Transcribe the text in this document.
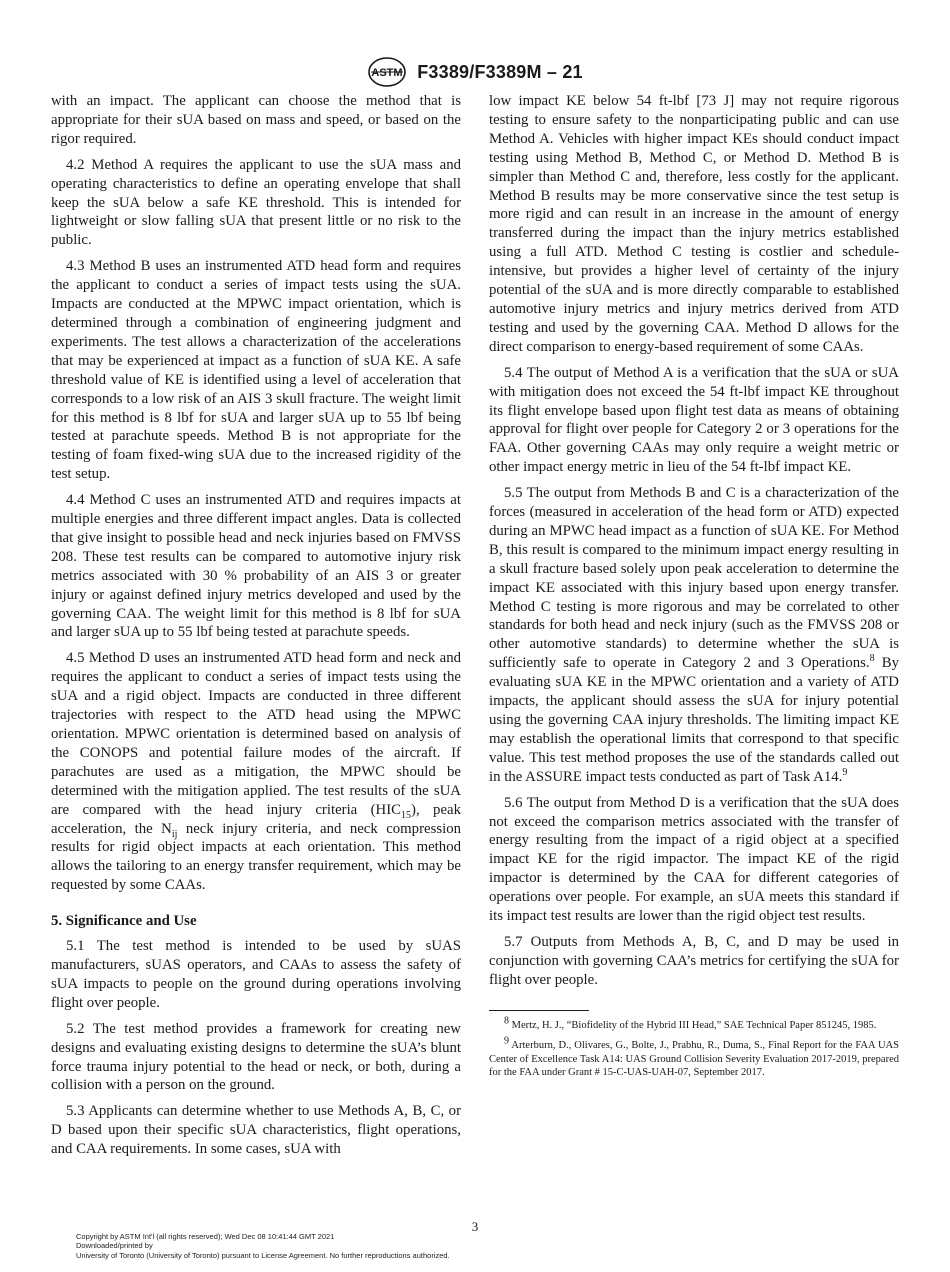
ASTM F3389/F3389M – 21

with an impact. The applicant can choose the method that is appropriate for their sUA based on mass and speed, or based on the rigor required.

4.2 Method A requires the applicant to use the sUA mass and operating characteristics to define an operating envelope that shall keep the sUA below a safe KE threshold. This is intended for lightweight or slow falling sUA that present little or no risk to the public.

4.3 Method B uses an instrumented ATD head form and requires the applicant to conduct a series of impact tests using the sUA. Impacts are conducted at the MPWC impact orientation, which is determined through a combination of engineering judgment and experiments. The test allows a characterization of the accelerations that may be experienced at impact as a function of sUA KE. A safe threshold value of KE is identified using a level of acceleration that corresponds to a low risk of an AIS 3 skull fracture. The weight limit for this method is 8 lbf for sUA and larger sUA up to 55 lbf being tested at parachute speeds. Method B is not appropriate for the testing of foam fixed-wing sUA due to the increased rigidity of the test setup.

4.4 Method C uses an instrumented ATD and requires impacts at multiple energies and three different impact angles. Data is collected that give insight to possible head and neck injuries based on FMVSS 208. These test results can be compared to automotive injury risk metrics associated with 30 % probability of an AIS 3 or greater injury or against defined injury metrics developed and used by the governing CAA. The weight limit for this method is 8 lbf for sUA and larger sUA up to 55 lbf being tested at parachute speeds.

4.5 Method D uses an instrumented ATD head form and neck and requires the applicant to conduct a series of impact tests using the sUA and a rigid object. Impacts are conducted in three different trajectories with respect to the ATD head using the MPWC orientation. MPWC orientation is determined based on analysis of the CONOPS and potential failure modes of the aircraft. If parachutes are used as a mitigation, the MPWC should be determined with the mitigation applied. The test results of the sUA are compared with the head injury criteria $(HIC_{15})$, peak acceleration, the $N_{ij}$ neck injury criteria, and neck compression results for rigid object impacts at each orientation. This method allows the tailoring to an energy transfer requirement, which may be requested by some CAAs.

5. Significance and Use

5.1 The test method is intended to be used by sUAS manufacturers, sUAS operators, and CAAs to assess the safety of sUA impacts to people on the ground during operations involving flight over people.

5.2 The test method provides a framework for creating new designs and evaluating existing designs to determine the sUA’s blunt force trauma injury potential to the head or neck, or both, during a collision with a person on the ground.

5.3 Applicants can determine whether to use Methods A, B, C, or D based upon their specific sUA characteristics, flight operations, and CAA requirements. In some cases, sUA with

low impact KE below 54 ft-lbf [73 J] may not require rigorous testing to ensure safety to the nonparticipating public and can use Method A. Vehicles with higher impact KEs should conduct impact testing using Method B, Method C, or Method D. Method B is simpler than Method C and, therefore, less costly for the applicant. Method B results may be more conservative since the test setup is more rigid and can result in an increase in the amount of energy transferred during the impact than the injury metrics established using a full ATD. Method C testing is costlier and schedule-intensive, but provides a higher level of certainty of the injury potential of the sUA and is more directly comparable to established automotive injury metrics and injury metrics derived from ATD testing and used by the governing CAA. Method D allows for the direct comparison to energy-based requirement of some CAAs.

5.4 The output of Method A is a verification that the sUA or sUA with mitigation does not exceed the 54 ft-lbf impact KE throughout its flight envelope based upon flight test data as means of obtaining approval for flight over people for Category 2 or 3 operations for the FAA. Other governing CAAs may only require a weight metric or other impact energy metric in lieu of the 54 ft-lbf impact KE.

5.5 The output from Methods B and C is a characterization of the forces (measured in acceleration of the head form or ATD) expected during an MPWC head impact as a function of sUA KE. For Method B, this result is compared to the minimum impact energy resulting in a skull fracture based solely upon peak acceleration to determine the impact KE associated with this injury based upon energy transfer. Method C testing is more rigorous and may be correlated to other standards for both head and neck injury (such as the FMVSS 208 or other automotive standards) to determine whether the sUA is sufficiently safe to operate in Category 2 and 3 Operations.$^8$ By evaluating sUA KE in the MPWC orientation and a variety of ATD impacts, the applicant should assess the sUA for injury potential using the governing CAA injury thresholds. The limiting impact KE may establish the operational limits that correspond to that specific value. This test method proposes the use of the standards called out in the ASSURE impact tests conducted as part of Task A14.$^9$

5.6 The output from Method D is a verification that the sUA does not exceed the comparison metrics associated with the transfer of energy resulting from the impact of a rigid object at a specified impact KE for the rigid impactor. The impact KE of the rigid impactor is determined by the CAA for different categories of operations over people. For example, an sUA meets this standard if its impact test results are lower than the rigid object test results.

5.7 Outputs from Methods A, B, C, and D may be used in conjunction with governing CAA’s metrics for certifying the sUA for flight over people.

$^8$ Mertz, H. J., “Biofidelity of the Hybrid III Head,” SAE Technical Paper 851245, 1985.

$^9$ Arterburn, D., Olivares, G., Bolte, J., Prabhu, R., Duma, S., Final Report for the FAA UAS Center of Excellence Task A14: UAS Ground Collision Severity Evaluation 2017-2019, prepared for the FAA under Grant # 15-C-UAS-UAH-07, September 2017.

3
Copyright by ASTM Int'l (all rights reserved); Wed Dec 08 10:41:44 GMT 2021
Downloaded/printed by
University of Toronto (University of Toronto) pursuant to License Agreement. No further reproductions authorized.
